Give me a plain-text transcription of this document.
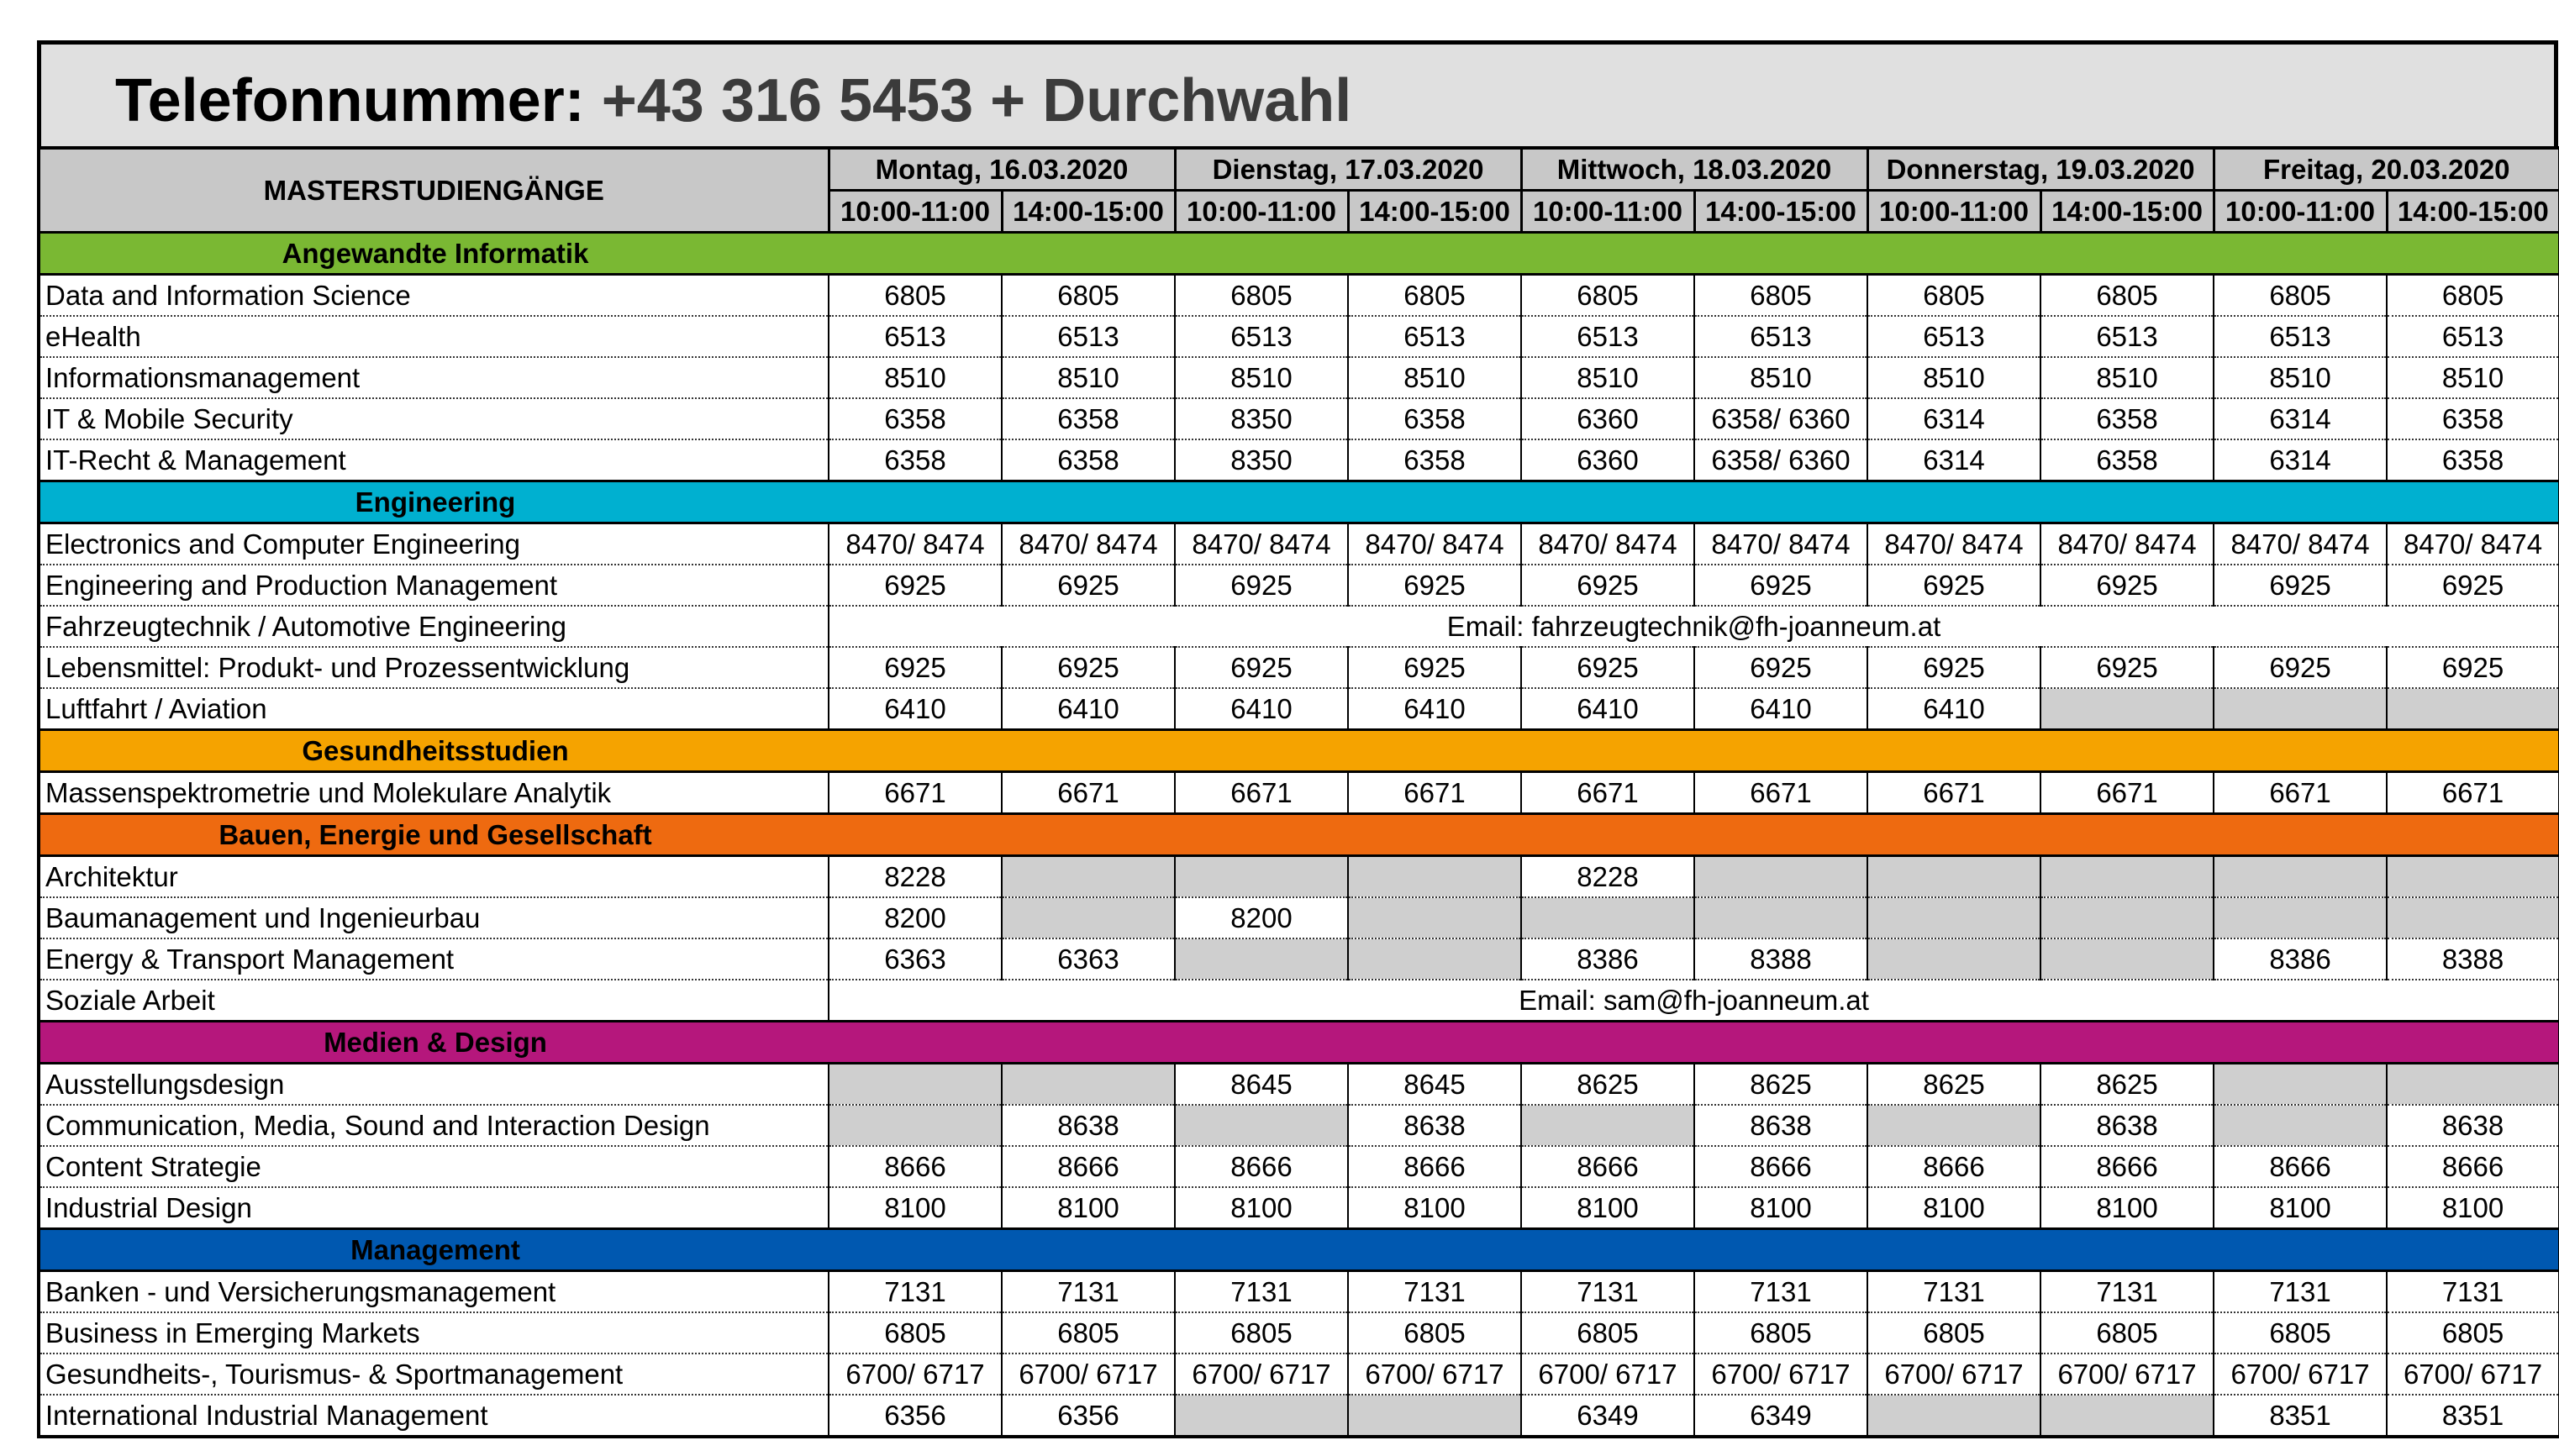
Telefonnummer: +43 316 5453 + Durchwahl
MASTERSTUDIENGÄNGE	Montag, 16.03.2020		Dienstag, 17.03.2020		Mittwoch, 18.03.2020		Donnerstag, 19.03.2020		Freitag, 20.03.2020	
	10:00-11:00	14:00-15:00	10:00-11:00	14:00-15:00	10:00-11:00	14:00-15:00	10:00-11:00	14:00-15:00	10:00-11:00	14:00-15:00
Angewandte Informatik										
Data and Information Science	6805	6805	6805	6805	6805	6805	6805	6805	6805	6805
eHealth	6513	6513	6513	6513	6513	6513	6513	6513	6513	6513
Informationsmanagement	8510	8510	8510	8510	8510	8510	8510	8510	8510	8510
IT & Mobile Security	6358	6358	8350	6358	6360	6358/ 6360	6314	6358	6314	6358
IT-Recht & Management	6358	6358	8350	6358	6360	6358/ 6360	6314	6358	6314	6358
Engineering										
Electronics and Computer Engineering	8470/ 8474	8470/ 8474	8470/ 8474	8470/ 8474	8470/ 8474	8470/ 8474	8470/ 8474	8470/ 8474	8470/ 8474	8470/ 8474
Engineering and Production Management	6925	6925	6925	6925	6925	6925	6925	6925	6925	6925
Fahrzeugtechnik / Automotive Engineering	Email: fahrzeugtechnik@fh-joanneum.at									
Lebensmittel: Produkt- und Prozessentwicklung	6925	6925	6925	6925	6925	6925	6925	6925	6925	6925
Luftfahrt / Aviation	6410	6410	6410	6410	6410	6410	6410			
Gesundheitsstudien										
Massenspektrometrie und Molekulare Analytik	6671	6671	6671	6671	6671	6671	6671	6671	6671	6671
Bauen, Energie und Gesellschaft										
Architektur	8228				8228					
Baumanagement und Ingenieurbau	8200		8200							
Energy & Transport Management	6363	6363			8386	8388			8386	8388
Soziale Arbeit	Email: sam@fh-joanneum.at									
Medien & Design										
Ausstellungsdesign			8645	8645	8625	8625	8625	8625		
Communication, Media, Sound and Interaction Design		8638		8638		8638		8638		8638
Content Strategie	8666	8666	8666	8666	8666	8666	8666	8666	8666	8666
Industrial Design	8100	8100	8100	8100	8100	8100	8100	8100	8100	8100
Management										
Banken - und Versicherungsmanagement	7131	7131	7131	7131	7131	7131	7131	7131	7131	7131
Business in Emerging Markets	6805	6805	6805	6805	6805	6805	6805	6805	6805	6805
Gesundheits-, Tourismus- & Sportmanagement	6700/ 6717	6700/ 6717	6700/ 6717	6700/ 6717	6700/ 6717	6700/ 6717	6700/ 6717	6700/ 6717	6700/ 6717	6700/ 6717
International Industrial Management	6356	6356			6349	6349			8351	8351
